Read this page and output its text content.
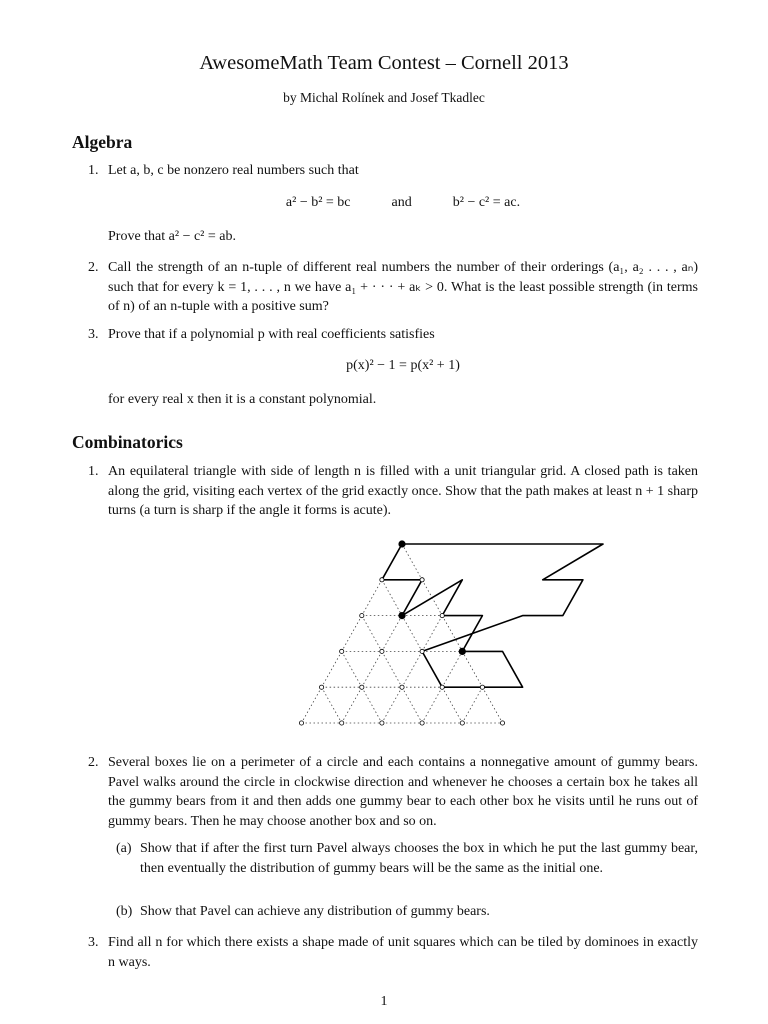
AwesomeMath Team Contest – Cornell 2013
by Michal Rolínek and Josef Tkadlec
Algebra
1. Let a, b, c be nonzero real numbers such that
a² − b² = bc	and	b² − c² = ac.
Prove that a² − c² = ab.
2. Call the strength of an n-tuple of different real numbers the number of their orderings (a₁, a₂ . . . , aₙ) such that for every k = 1, . . . , n we have a₁ + · · · + aₖ > 0. What is the least possible strength (in terms of n) of an n-tuple with a positive sum?
3. Prove that if a polynomial p with real coefficients satisfies
p(x)² − 1 = p(x² + 1)
for every real x then it is a constant polynomial.
Combinatorics
1. An equilateral triangle with side of length n is filled with a unit triangular grid. A closed path is taken along the grid, visiting each vertex of the grid exactly once. Show that the path makes at least n + 1 sharp turns (a turn is sharp if the angle it forms is acute).
2. Several boxes lie on a perimeter of a circle and each contains a nonnegative amount of gummy bears. Pavel walks around the circle in clockwise direction and whenever he chooses a certain box he takes all the gummy bears from it and then adds one gummy bear to each other box he visits until he runs out of gummy bears. Then he may choose another box and so on.
(a) Show that if after the first turn Pavel always chooses the box in which he put the last gummy bear, then eventually the distribution of gummy bears will be the same as the initial one.
(b) Show that Pavel can achieve any distribution of gummy bears.
3. Find all n for which there exists a shape made of unit squares which can be tiled by dominoes in exactly n ways.
1
